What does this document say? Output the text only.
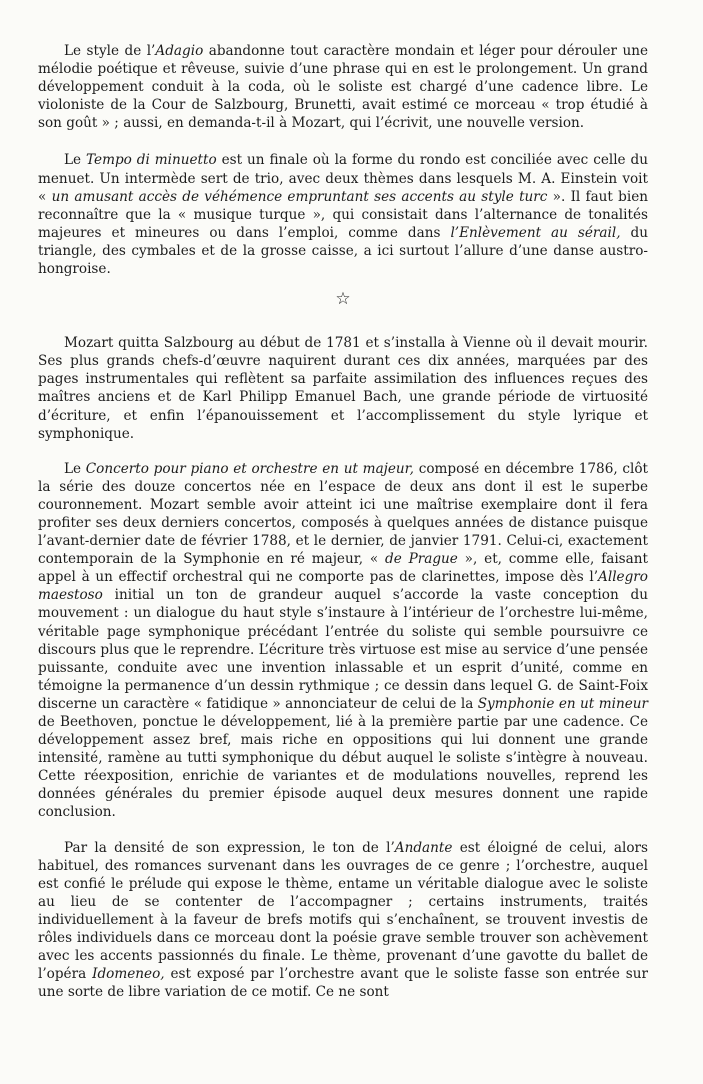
Le style de l’Adagio abandonne tout caractère mondain et léger pour dérouler une mélodie poétique et rêveuse, suivie d’une phrase qui en est le prolongement. Un grand développement conduit à la coda, où le soliste est chargé d’une cadence libre. Le violoniste de la Cour de Salzbourg, Brunetti, avait estimé ce morceau « trop étudié à son goût » ; aussi, en demanda-t-il à Mozart, qui l’écrivit, une nouvelle version.

Le Tempo di minuetto est un finale où la forme du rondo est conciliée avec celle du menuet. Un intermède sert de trio, avec deux thèmes dans lesquels M. A. Einstein voit « un amusant accès de véhémence empruntant ses accents au style turc ». Il faut bien reconnaître que la « musique turque », qui consistait dans l’alternance de tonalités majeures et mineures ou dans l’emploi, comme dans l’Enlèvement au sérail, du triangle, des cymbales et de la grosse caisse, a ici surtout l’allure d’une danse austro-hongroise.

☆

Mozart quitta Salzbourg au début de 1781 et s’installa à Vienne où il devait mourir. Ses plus grands chefs-d’œuvre naquirent durant ces dix années, marquées par des pages instrumentales qui reflètent sa parfaite assimilation des influences reçues des maîtres anciens et de Karl Philipp Emanuel Bach, une grande période de virtuosité d’écriture, et enfin l’épanouissement et l’accomplissement du style lyrique et symphonique.

Le Concerto pour piano et orchestre en ut majeur, composé en décembre 1786, clôt la série des douze concertos née en l’espace de deux ans dont il est le superbe couronnement. Mozart semble avoir atteint ici une maîtrise exemplaire dont il fera profiter ses deux derniers concertos, composés à quelques années de distance puisque l’avant-dernier date de février 1788, et le dernier, de janvier 1791. Celui-ci, exactement contemporain de la Symphonie en ré majeur, « de Prague », et, comme elle, faisant appel à un effectif orchestral qui ne comporte pas de clarinettes, impose dès l’Allegro maestoso initial un ton de grandeur auquel s’accorde la vaste conception du mouvement : un dialogue du haut style s’instaure à l’intérieur de l’orchestre lui-même, véritable page symphonique précédant l’entrée du soliste qui semble poursuivre ce discours plus que le reprendre. L’écriture très virtuose est mise au service d’une pensée puissante, conduite avec une invention inlassable et un esprit d’unité, comme en témoigne la permanence d’un dessin rythmique ; ce dessin dans lequel G. de Saint-Foix discerne un caractère « fatidique » annonciateur de celui de la Symphonie en ut mineur de Beethoven, ponctue le développement, lié à la première partie par une cadence. Ce développement assez bref, mais riche en oppositions qui lui donnent une grande intensité, ramène au tutti symphonique du début auquel le soliste s’intègre à nouveau. Cette réexposition, enrichie de variantes et de modulations nouvelles, reprend les données générales du premier épisode auquel deux mesures donnent une rapide conclusion.

Par la densité de son expression, le ton de l’Andante est éloigné de celui, alors habituel, des romances survenant dans les ouvrages de ce genre ; l’orchestre, auquel est confié le prélude qui expose le thème, entame un véritable dialogue avec le soliste au lieu de se contenter de l’accompagner ; certains instruments, traités individuellement à la faveur de brefs motifs qui s’enchaînent, se trouvent investis de rôles individuels dans ce morceau dont la poésie grave semble trouver son achèvement avec les accents passionnés du finale. Le thème, provenant d’une gavotte du ballet de l’opéra Idomeneo, est exposé par l’orchestre avant que le soliste fasse son entrée sur une sorte de libre variation de ce motif. Ce ne sont
